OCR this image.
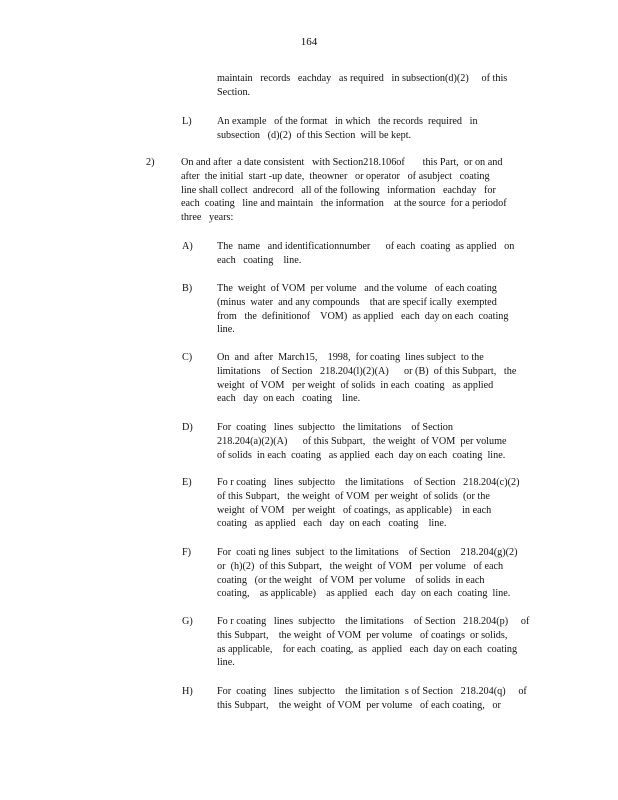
164
maintain   records   eachday   as required   in subsection(d)(2)     of this
Section.
L) An example   of the format   in which   the records  required   in
subsection   (d)(2)  of this Section  will be kept.
2)	On and after  a date consistent   with Section218.106of       this Part,  or on and
after  the initial  start -up date,  theowner   or operator   of asubject   coating
line shall collect  andrecord   all of the following   information   eachday   for
each  coating   line and maintain   the information    at the source  for a periodof
three   years:
A) The  name   and identificationnumber      of each  coating  as applied   on
each   coating    line.
B) The  weight  of VOM  per volume   and the volume   of each coating
(minus  water  and any compounds    that are specif ically  exempted
from   the  definitionof    VOM)  as applied   each  day on each  coating
line.
C) On  and  after  March15,    1998,  for coating  lines subject  to the
limitations    of Section   218.204(l)(2)(A)      or (B)  of this Subpart,   the
weight  of VOM   per weight  of solids  in each  coating   as applied
each   day  on each   coating    line.
D) For  coating   lines  subjectto   the limitations    of Section
218.204(a)(2)(A)      of this Subpart,   the weight  of VOM  per volume
of solids  in each  coating   as applied  each  day on each  coating  line.
E) Fo r coating   lines  subjectto    the limitations    of Section   218.204(c)(2)
of this Subpart,   the weight  of VOM  per weight  of solids  (or the
weight  of VOM   per weight   of coatings,  as applicable)    in each
coating   as applied   each   day  on each   coating    line.
F)	For  coati ng lines  subject  to the limitations    of Section    218.204(g)(2)
or  (h)(2)  of this Subpart,   the weight  of VOM   per volume   of each
coating   (or the weight   of VOM  per volume    of solids  in each
coating,    as applicable)    as applied   each   day  on each  coating  line.
G) Fo r coating   lines  subjectto    the limitations    of Section   218.204(p)     of
this Subpart,    the weight  of VOM  per volume   of coatings  or solids,
as applicable,    for each  coating,  as  applied   each  day on each  coating
line.
H) For  coating   lines  subjectto    the limitation  s of Section   218.204(q)     of
this Subpart,    the weight  of VOM  per volume   of each coating,   or
